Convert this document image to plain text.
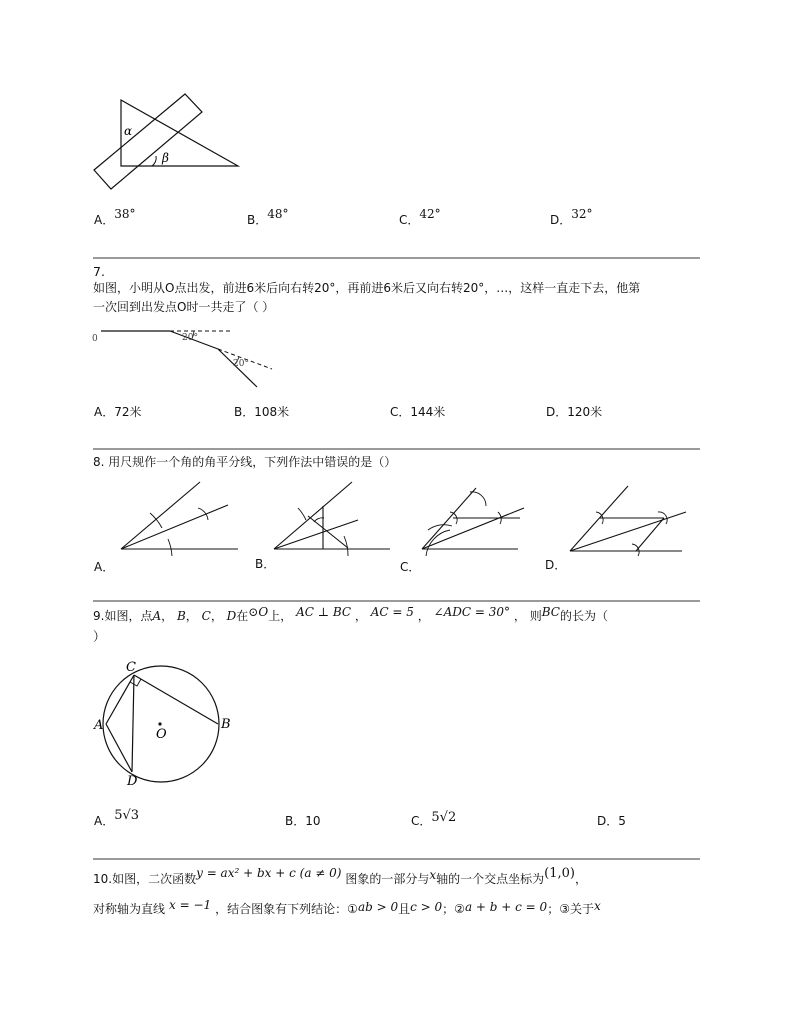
α
β
A．38°	B．48°	C．42°	D．32°
7.
如图，小明从O点出发，前进6米后向右转20°，再前进6米后又向右转20°，…，这样一直走下去，他第
一次回到出发点O时一共走了（ ）
0	20°
20°
A．72米	B．108米	C．144米	D．120米
8. 用尺规作一个角的角平分线，下列作法中错误的是（）
A．	B．	C．	D．
9.如图，点A， B， C， D在⊙O上， AC ⊥ BC ， AC = 5 ， ∠ADC = 30° ， 则BC的长为（
）
C
A
O
B
D
A．5√3	B．10	C．5√2	D．5
10.如图，二次函数y = ax² + bx + c (a ≠ 0) 图象的一部分与x轴的一个交点坐标为(1,0)，
对称轴为直线 x = −1 ，结合图象有下列结论：①ab > 0且c > 0；②a + b + c = 0；③关于x
